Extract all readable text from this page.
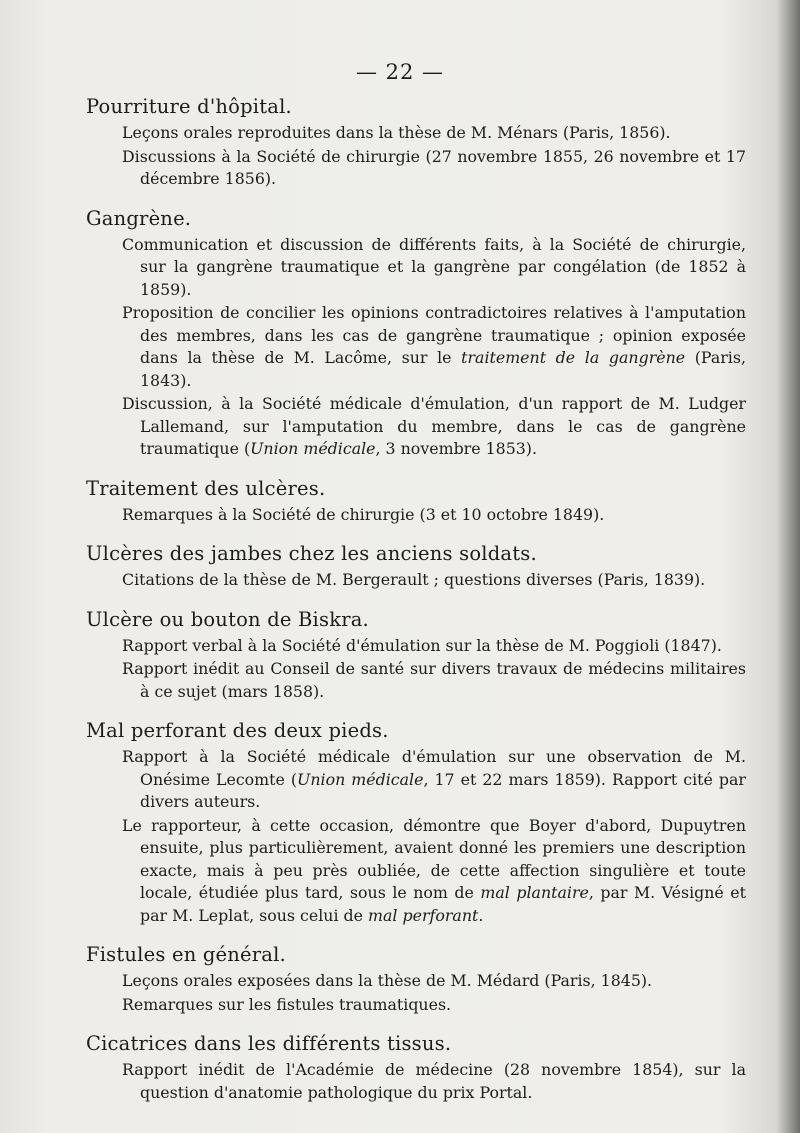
— 22 —
Pourriture d'hôpital.
Leçons orales reproduites dans la thèse de M. Ménars (Paris, 1856).
Discussions à la Société de chirurgie (27 novembre 1855, 26 novembre et 17 décembre 1856).
Gangrène.
Communication et discussion de différents faits, à la Société de chirurgie, sur la gangrène traumatique et la gangrène par congélation (de 1852 à 1859).
Proposition de concilier les opinions contradictoires relatives à l'amputation des membres, dans les cas de gangrène traumatique ; opinion exposée dans la thèse de M. Lacôme, sur le traitement de la gangrène (Paris, 1843).
Discussion, à la Société médicale d'émulation, d'un rapport de M. Ludger Lallemand, sur l'amputation du membre, dans le cas de gangrène traumatique (Union médicale, 3 novembre 1853).
Traitement des ulcères.
Remarques à la Société de chirurgie (3 et 10 octobre 1849).
Ulcères des jambes chez les anciens soldats.
Citations de la thèse de M. Bergerault ; questions diverses (Paris, 1839).
Ulcère ou bouton de Biskra.
Rapport verbal à la Société d'émulation sur la thèse de M. Poggioli (1847).
Rapport inédit au Conseil de santé sur divers travaux de médecins militaires à ce sujet (mars 1858).
Mal perforant des deux pieds.
Rapport à la Société médicale d'émulation sur une observation de M. Onésime Lecomte (Union médicale, 17 et 22 mars 1859). Rapport cité par divers auteurs.
Le rapporteur, à cette occasion, démontre que Boyer d'abord, Dupuytren ensuite, plus particulièrement, avaient donné les premiers une description exacte, mais à peu près oubliée, de cette affection singulière et toute locale, étudiée plus tard, sous le nom de mal plantaire, par M. Vésigné et par M. Leplat, sous celui de mal perforant.
Fistules en général.
Leçons orales exposées dans la thèse de M. Médard (Paris, 1845).
Remarques sur les fistules traumatiques.
Cicatrices dans les différents tissus.
Rapport inédit de l'Académie de médecine (28 novembre 1854), sur la question d'anatomie pathologique du prix Portal.
